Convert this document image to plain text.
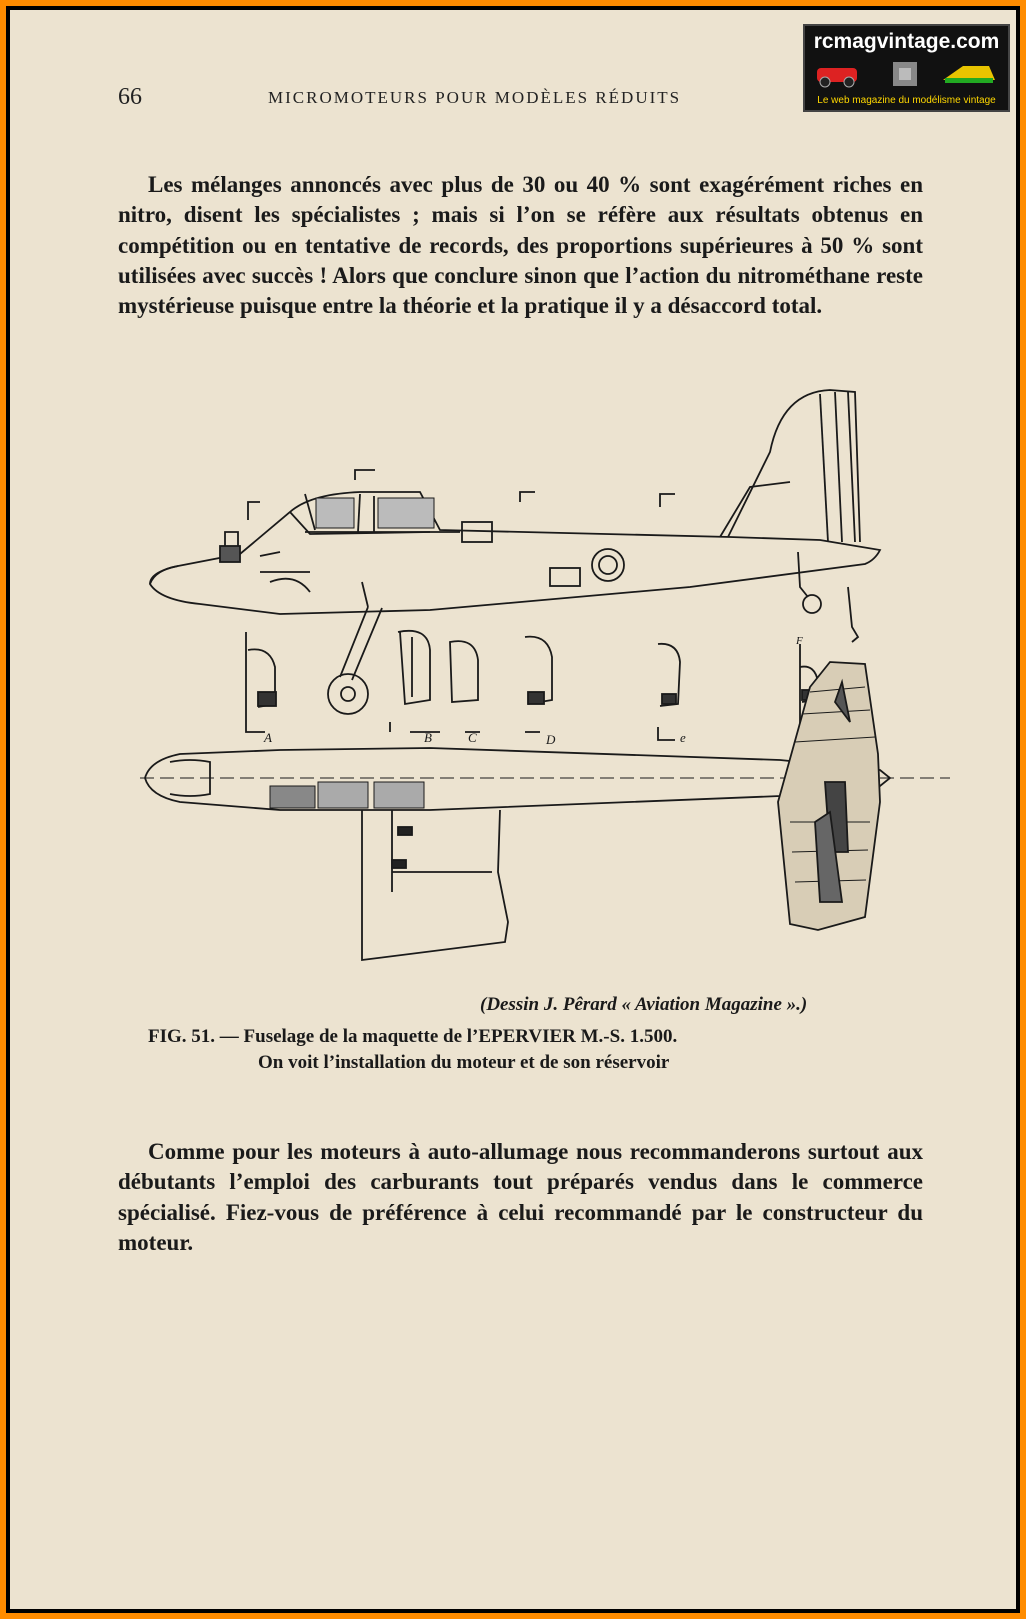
66	MICROMOTEURS POUR MODÈLES RÉDUITS
rcmagvintage.com
Le web magazine du modélisme vintage

Les mélanges annoncés avec plus de 30 ou 40 % sont exagérément riches en nitro, disent les spécialistes ; mais si l’on se réfère aux résultats obtenus en compétition ou en tentative de records, des proportions supérieures à 50 % sont utilisées avec succès ! Alors que conclure sinon que l’action du nitrométhane reste mystérieuse puisque entre la théorie et la pratique il y a désaccord total.

A	B	C	D	e
F
(Dessin J. Pêrard « Aviation Magazine ».)
FIG. 51. — Fuselage de la maquette de l’EPERVIER M.-S. 1.500.
On voit l’installation du moteur et de son réservoir

Comme pour les moteurs à auto-allumage nous recommanderons surtout aux débutants l’emploi des carburants tout préparés vendus dans le commerce spécialisé. Fiez-vous de préférence à celui recommandé par le constructeur du moteur.
